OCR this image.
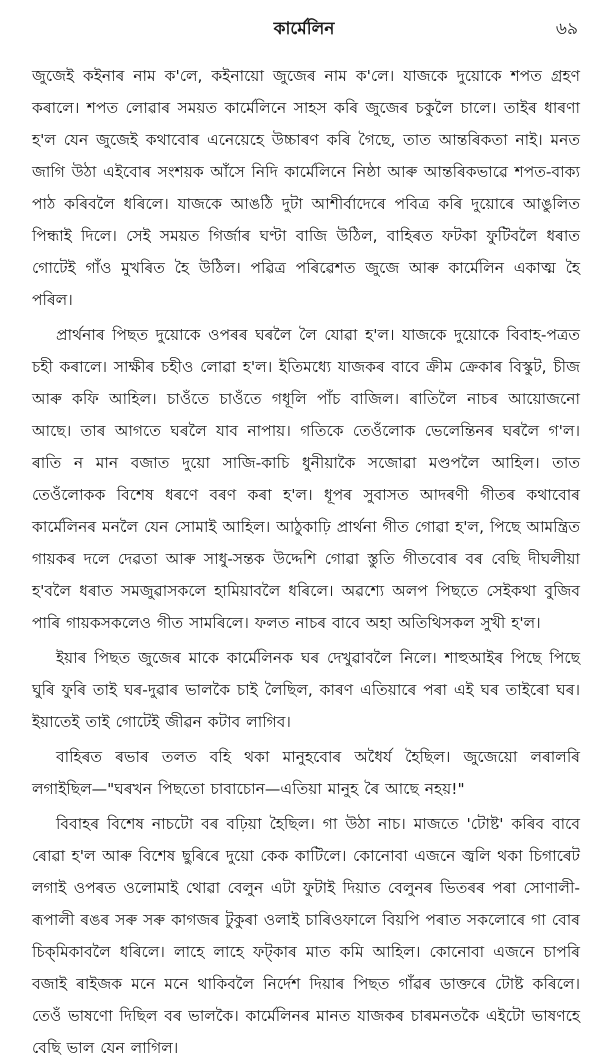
কাৰ্মেলিন	৬৯

জুজেই কইনাৰ নাম ক'লে, কইনায়ো জুজেৰ নাম ক'লে। যাজকে দুয়োকে শপত গ্ৰহণ কৰালে। শপত লোৱাৰ সময়ত কাৰ্মেলিনে সাহস কৰি জুজেৰ চকুলৈ চালে। তাইৰ ধাৰণা হ'ল যেন জুজেই কথাবোৰ এনেয়েহে উচ্চাৰণ কৰি গৈছে, তাত আন্তৰিকতা নাই। মনত জাগি উঠা এইবোৰ সংশয়ক আঁসে নিদি কাৰ্মেলিনে নিষ্ঠা আৰু আন্তৰিকভাৱে শপত-বাক্য পাঠ কৰিবলৈ ধৰিলে। যাজকে আঙঠি দুটা আশীৰ্বাদেৰে পবিত্ৰ কৰি দুয়োৰে আঙুলিত পিন্ধাই দিলে। সেই সময়ত গিৰ্জাৰ ঘণ্টা বাজি উঠিল, বাহিৰত ফটকা ফুটিবলৈ ধৰাত গোটেই গাঁও মুখৰিত হৈ উঠিল। পৱিত্ৰ পৰিৱেশত জুজে আৰু কাৰ্মেলিন একাত্ম হৈ পৰিল।

প্ৰাৰ্থনাৰ পিছত দুয়োকে ওপৰৰ ঘৰলৈ লৈ যোৱা হ'ল। যাজকে দুয়োকে বিবাহ-পত্ৰত চহী কৰালে। সাক্ষীৰ চহীও লোৱা হ'ল। ইতিমধ্যে যাজকৰ বাবে ক্ৰীম ক্ৰেকাৰ বিস্কুট, চীজ আৰু কফি আহিল। চাওঁতে চাওঁতে গধূলি পাঁচ বাজিল। ৰাতিলৈ নাচৰ আয়োজনো আছে। তাৰ আগতে ঘৰলৈ যাব নাপায়। গতিকে তেওঁলোক ভেলেন্তিনৰ ঘৰলৈ গ'ল। ৰাতি ন মান বজাত দুয়ো সাজি-কাচি ধুনীয়াকৈ সজোৱা মণ্ডপলৈ আহিল। তাত তেওঁলোকক বিশেষ ধৰণে বৰণ কৰা হ'ল। ধূপৰ সুবাসত আদৰণী গীতৰ কথাবোৰ কাৰ্মেলিনৰ মনলৈ যেন সোমাই আহিল। আঠুকাঢ়ি প্ৰাৰ্থনা গীত গোৱা হ'ল, পিছে আমন্ত্ৰিত গায়কৰ দলে দেৱতা আৰু সাধু-সন্তক উদ্দেশি গোৱা স্তুতি গীতবোৰ বৰ বেছি দীঘলীয়া হ'বলৈ ধৰাত সমজুৱাসকলে হামিয়াবলৈ ধৰিলে। অৱশ্যে অলপ পিছতে সেইকথা বুজিব পাৰি গায়কসকলেও গীত সামৰিলে। ফলত নাচৰ বাবে অহা অতিথিসকল সুখী হ'ল।

ইয়াৰ পিছত জুজেৰ মাকে কাৰ্মেলিনক ঘৰ দেখুৱাবলৈ নিলে। শাহুআইৰ পিছে পিছে ঘুৰি ফুৰি তাই ঘৰ-দুৱাৰ ভালকৈ চাই লৈছিল, কাৰণ এতিয়াৰে পৰা এই ঘৰ তাইৰো ঘৰ। ইয়াতেই তাই গোটেই জীৱন কটাব লাগিব।

বাহিৰত ৰভাৰ তলত বহি থকা মানুহবোৰ অধৈৰ্য হৈছিল। জুজেয়ো লৰালৰি লগাইছিল—"ঘৰখন পিছতো চাবাচোন—এতিয়া মানুহ ৰৈ আছে নহয়!"

বিবাহৰ বিশেষ নাচটো বৰ বঢ়িয়া হৈছিল। গা উঠা নাচ। মাজতে 'টোষ্ট' কৰিব বাবে ৰোৱা হ'ল আৰু বিশেষ ছুৰিৰে দুয়ো কেক কাটিলে। কোনোবা এজনে জ্বলি থকা চিগাৰেট লগাই ওপৰত ওলোমাই থোৱা বেলুন এটা ফুটাই দিয়াত বেলুনৰ ভিতৰৰ পৰা সোণালী-ৰূপালী ৰঙৰ সৰু সৰু কাগজৰ টুকুৰা ওলাই চাৰিওফালে বিয়পি পৰাত সকলোৰে গা বোৰ চিক্‌মিকাবলৈ ধৰিলে। লাহে লাহে ফট্‌কাৰ মাত কমি আহিল। কোনোবা এজনে চাপৰি বজাই ৰাইজক মনে মনে থাকিবলৈ নিৰ্দেশ দিয়াৰ পিছত গাঁৱৰ ডাক্তৰে টোষ্ট কৰিলে। তেওঁ ভাষণো দিছিল বৰ ভালকৈ। কাৰ্মেলিনৰ মানত যাজকৰ চাৰমনতকৈ এইটো ভাষণহে বেছি ভাল যেন লাগিল।
